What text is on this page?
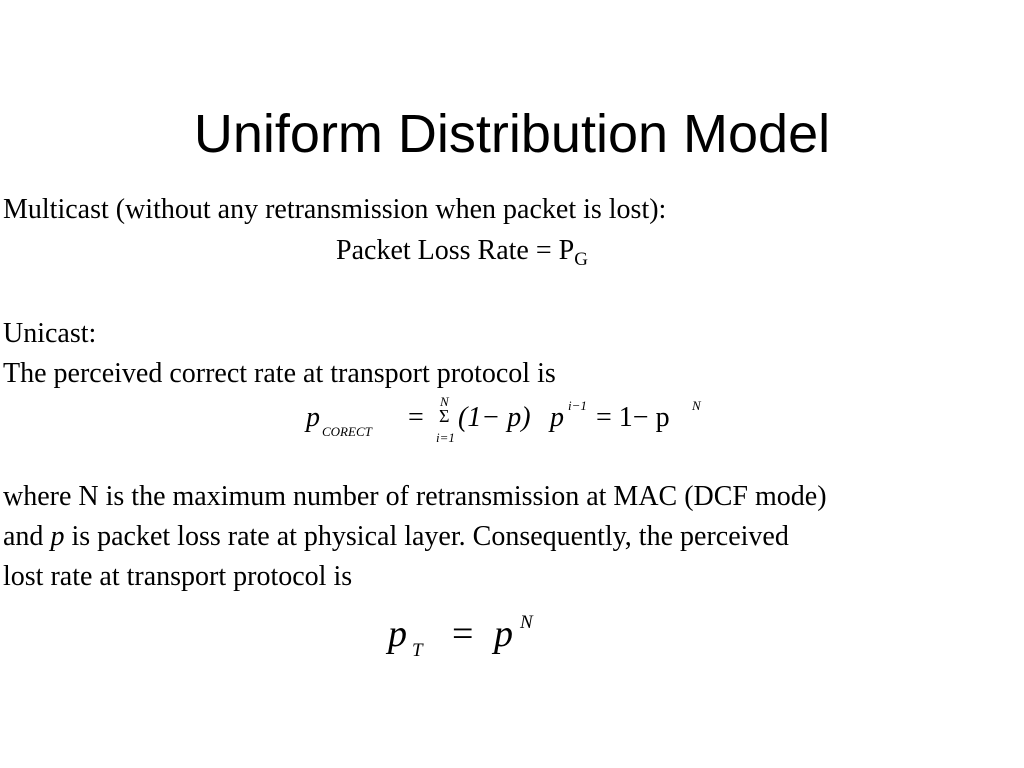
Uniform Distribution Model
Multicast (without any retransmission when packet is lost):
Packet Loss Rate = $P_G$
Unicast:
The perceived correct rate at transport protocol is
p CORECT =
N
Σ
i=1
(1− p) p i−1 = 1− p N
where N is the maximum number of retransmission at MAC (DCF mode)
and p is packet loss rate at physical layer. Consequently, the perceived
lost rate at transport protocol is
p T = p N
